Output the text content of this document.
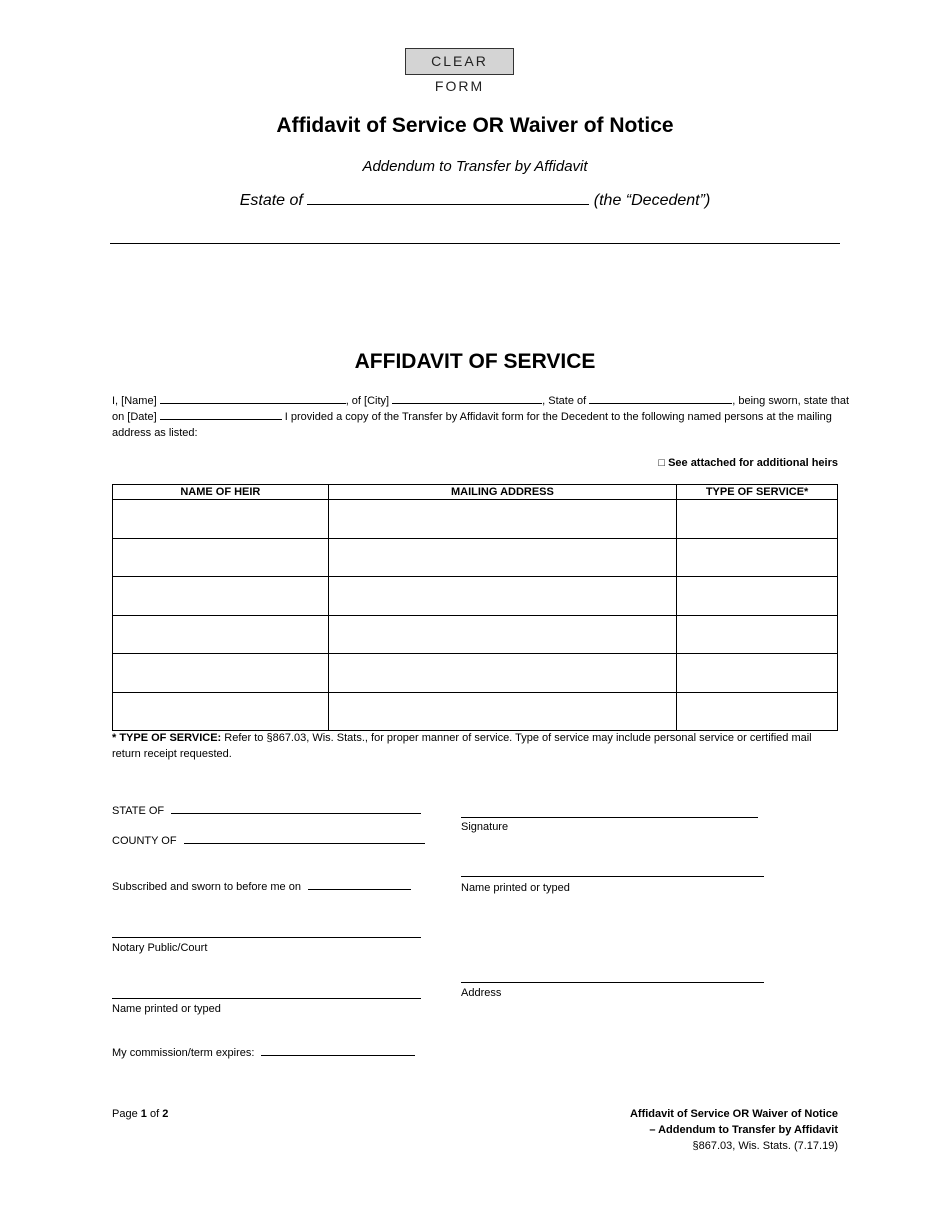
CLEAR FORM
Affidavit of Service OR Waiver of Notice
Addendum to Transfer by Affidavit
Estate of	(the “Decedent”)
AFFIDAVIT OF SERVICE
I, [Name]	, of [City]	, State of	, being sworn, state that
on [Date]	I provided a copy of the Transfer by Affidavit form for the Decedent to the following named persons at the mailing address as listed:
□ See attached for additional heirs
NAME OF HEIR	MAILING ADDRESS	TYPE OF SERVICE*

* TYPE OF SERVICE: Refer to §867.03, Wis. Stats., for proper manner of service. Type of service may include personal service or certified mail return receipt requested.
STATE OF
COUNTY OF
Subscribed and sworn to before me on
Notary Public/Court
Name printed or typed
My commission/term expires:
Signature
Name printed or typed
Address
Page 1 of 2	Affidavit of Service OR Waiver of Notice
– Addendum to Transfer by Affidavit
§867.03, Wis. Stats. (7.17.19)
